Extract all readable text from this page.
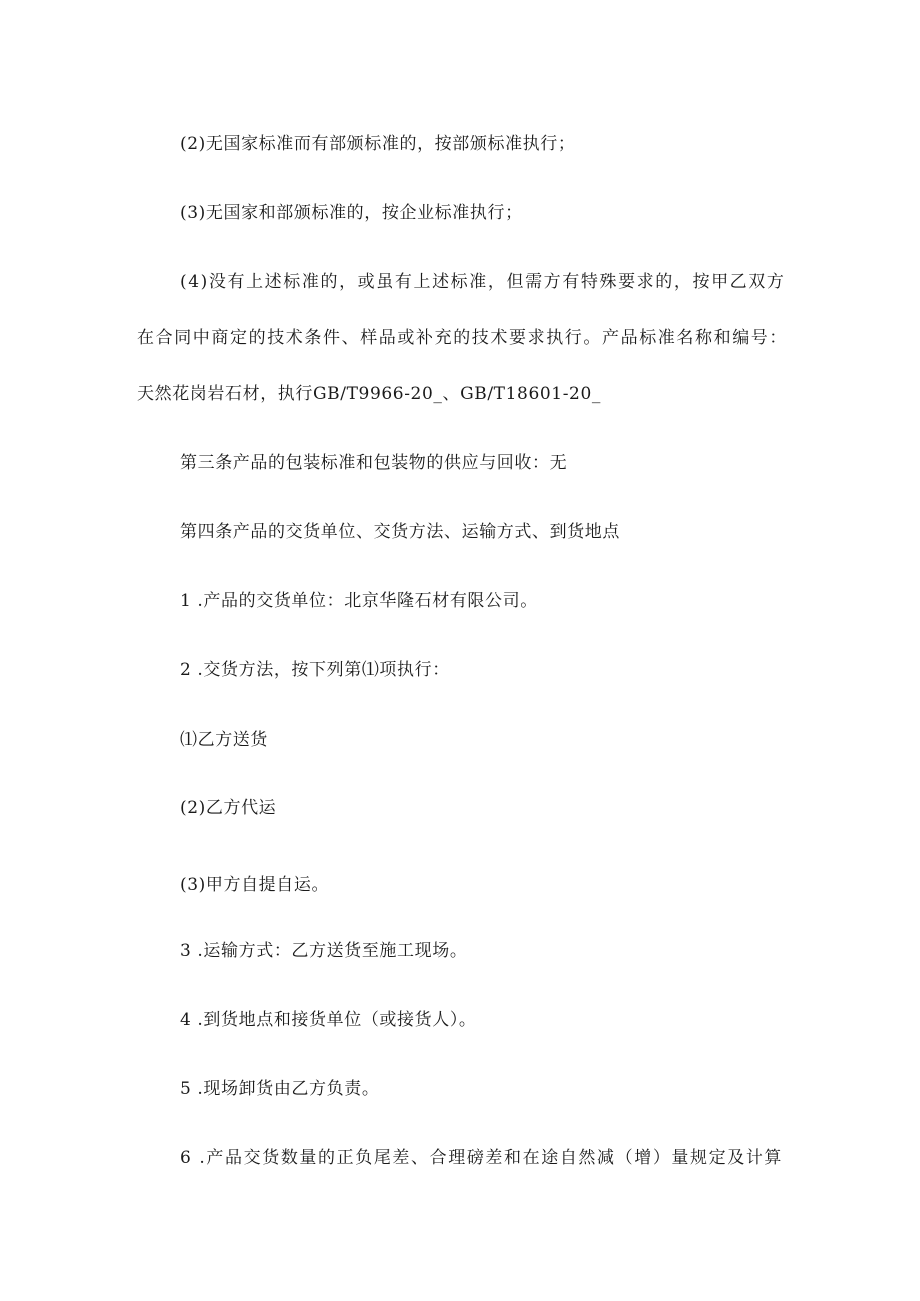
(2)无国家标准而有部颁标准的，按部颁标准执行；
(3)无国家和部颁标准的，按企业标准执行；
(4)没有上述标准的，或虽有上述标准，但需方有特殊要求的，按甲乙双方
在合同中商定的技术条件、样品或补充的技术要求执行。产品标准名称和编号：
天然花岗岩石材，执行GB/T9966-20_、GB/T18601-20_
第三条产品的包装标准和包装物的供应与回收：无
第四条产品的交货单位、交货方法、运输方式、到货地点
1 .产品的交货单位：北京华隆石材有限公司。
2 .交货方法，按下列第⑴项执行：
⑴乙方送货
(2)乙方代运
(3)甲方自提自运。
3 .运输方式：乙方送货至施工现场。
4 .到货地点和接货单位（或接货人）。
5 .现场卸货由乙方负责。
6 .产品交货数量的正负尾差、合理磅差和在途自然减（增）量规定及计算
